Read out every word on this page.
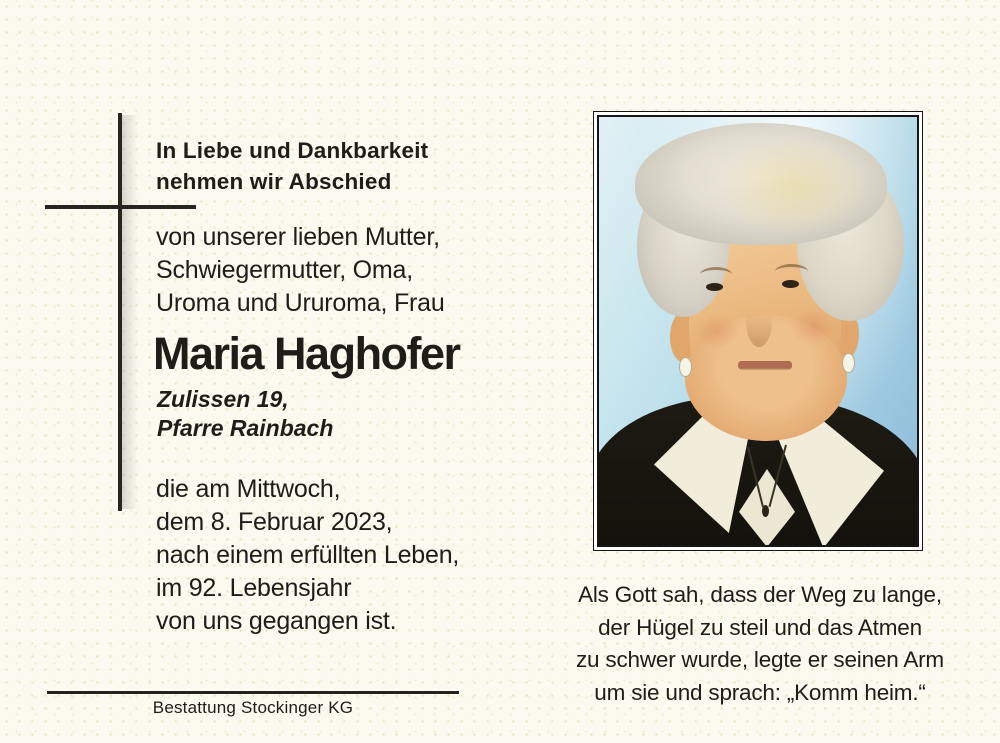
In Liebe und Dankbarkeit
nehmen wir Abschied
von unserer lieben Mutter,
Schwiegermutter, Oma,
Uroma und Ururoma, Frau
Maria Haghofer
Zulissen 19,
Pfarre Rainbach
die am Mittwoch,
dem 8. Februar 2023,
nach einem erfüllten Leben,
im 92. Lebensjahr
von uns gegangen ist.
Bestattung Stockinger KG
Als Gott sah, dass der Weg zu lange,
der Hügel zu steil und das Atmen
zu schwer wurde, legte er seinen Arm
um sie und sprach: „Komm heim.“
